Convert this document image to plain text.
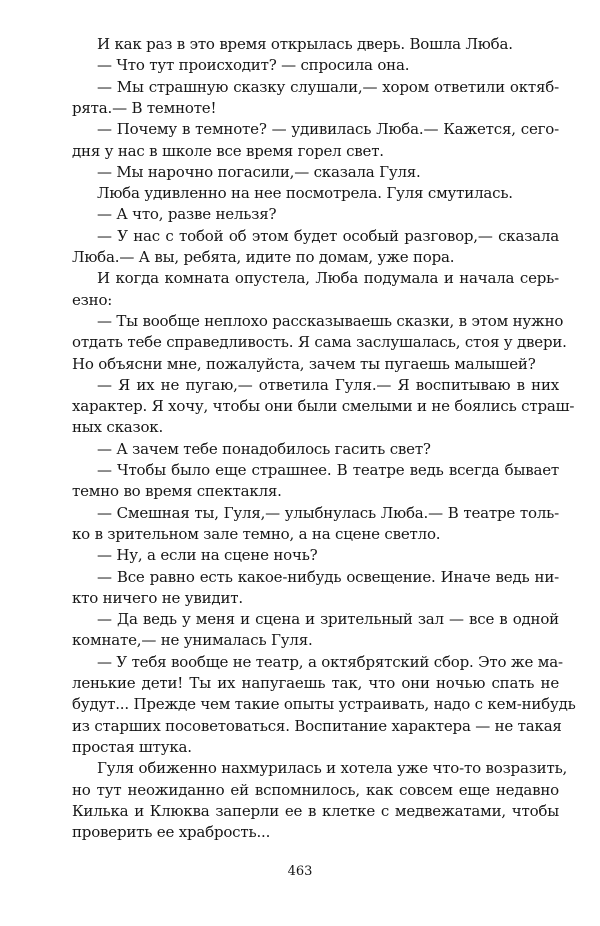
И как раз в это время открылась дверь. Вошла Люба.
— Что тут происходит? — спросила она.
— Мы страшную сказку слушали,— хором ответили октяб-
рята.— В темноте!
— Почему в темноте? — удивилась Люба.— Кажется, сего-
дня у нас в школе все время горел свет.
— Мы нарочно погасили,— сказала Гуля.
Люба удивленно на нее посмотрела. Гуля смутилась.
— А что, разве нельзя?
— У нас с тобой об этом будет особый разговор,— сказала
Люба.— А вы, ребята, идите по домам, уже пора.
И когда комната опустела, Люба подумала и начала серь-
езно:
— Ты вообще неплохо рассказываешь сказки, в этом нужно
отдать тебе справедливость. Я сама заслушалась, стоя у двери.
Но объясни мне, пожалуйста, зачем ты пугаешь малышей?
— Я их не пугаю,— ответила Гуля.— Я воспитываю в них
характер. Я хочу, чтобы они были смелыми и не боялись страш-
ных сказок.
— А зачем тебе понадобилось гасить свет?
— Чтобы было еще страшнее. В театре ведь всегда бывает
темно во время спектакля.
— Смешная ты, Гуля,— улыбнулась Люба.— В театре толь-
ко в зрительном зале темно, а на сцене светло.
— Ну, а если на сцене ночь?
— Все равно есть какое-нибудь освещение. Иначе ведь ни-
кто ничего не увидит.
— Да ведь у меня и сцена и зрительный зал — все в одной
комнате,— не унималась Гуля.
— У тебя вообще не театр, а октябрятский сбор. Это же ма-
ленькие дети! Ты их напугаешь так, что они ночью спать не
будут... Прежде чем такие опыты устраивать, надо с кем-нибудь
из старших посоветоваться. Воспитание характера — не такая
простая штука.
Гуля обиженно нахмурилась и хотела уже что-то возразить,
но тут неожиданно ей вспомнилось, как совсем еще недавно
Килька и Клюква заперли ее в клетке с медвежатами, чтобы
проверить ее храбрость...
463
